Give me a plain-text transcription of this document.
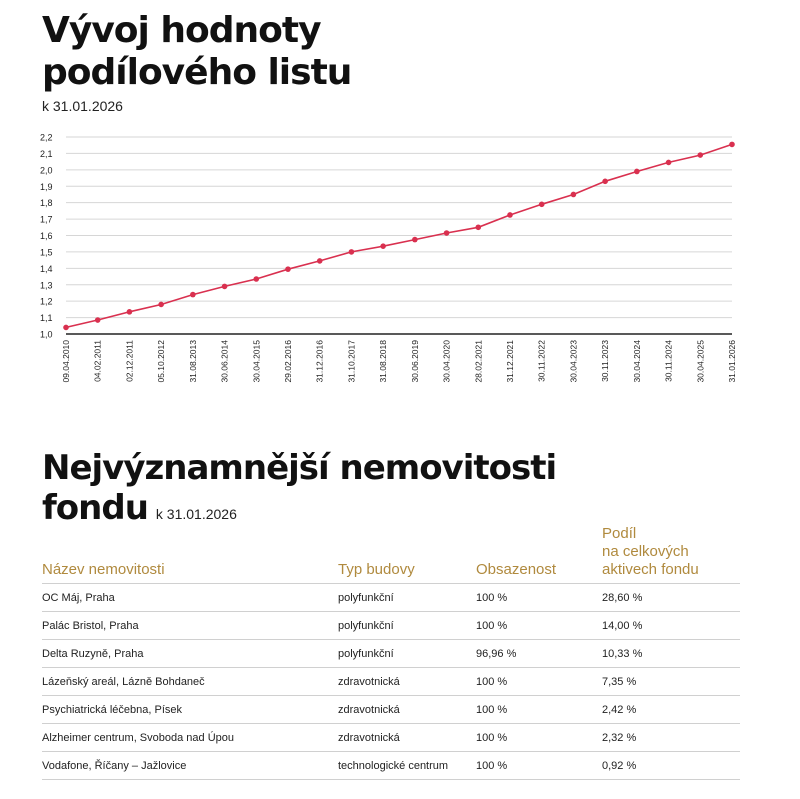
Vývoj hodnoty
podílového listu
k 31.01.2026
1,0
1,1
1,2
1,3
1,4
1,5
1,6
1,7
1,8
1,9
2,0
2,1
2,2
09.04.2010	04.02.2011	02.12.2011	05.10.2012	31.08.2013	30.06.2014	30.04.2015	29.02.2016	31.12.2016	31.10.2017	31.08.2018	30.06.2019	30.04.2020	28.02.2021	31.12.2021	30.11.2022	30.04.2023	30.11.2023	30.04.2024	30.11.2024	30.04.2025	31.01.2026
Nejvýznamnější nemovitosti
fondu k 31.01.2026
Název nemovitosti	Typ budovy	Obsazenost	Podíl
na celkových
aktivech fondu

OC Máj, Praha	polyfunkční	100 %	28,60 %
Palác Bristol, Praha	polyfunkční	100 %	14,00 %
Delta Ruzyně, Praha	polyfunkční	96,96 %	10,33 %
Lázeňský areál, Lázně Bohdaneč	zdravotnická	100 %	7,35 %
Psychiatrická léčebna, Písek	zdravotnická	100 %	2,42 %
Alzheimer centrum, Svoboda nad Úpou	zdravotnická	100 %	2,32 %
Vodafone, Říčany – Jažlovice	technologické centrum	100 %	0,92 %
